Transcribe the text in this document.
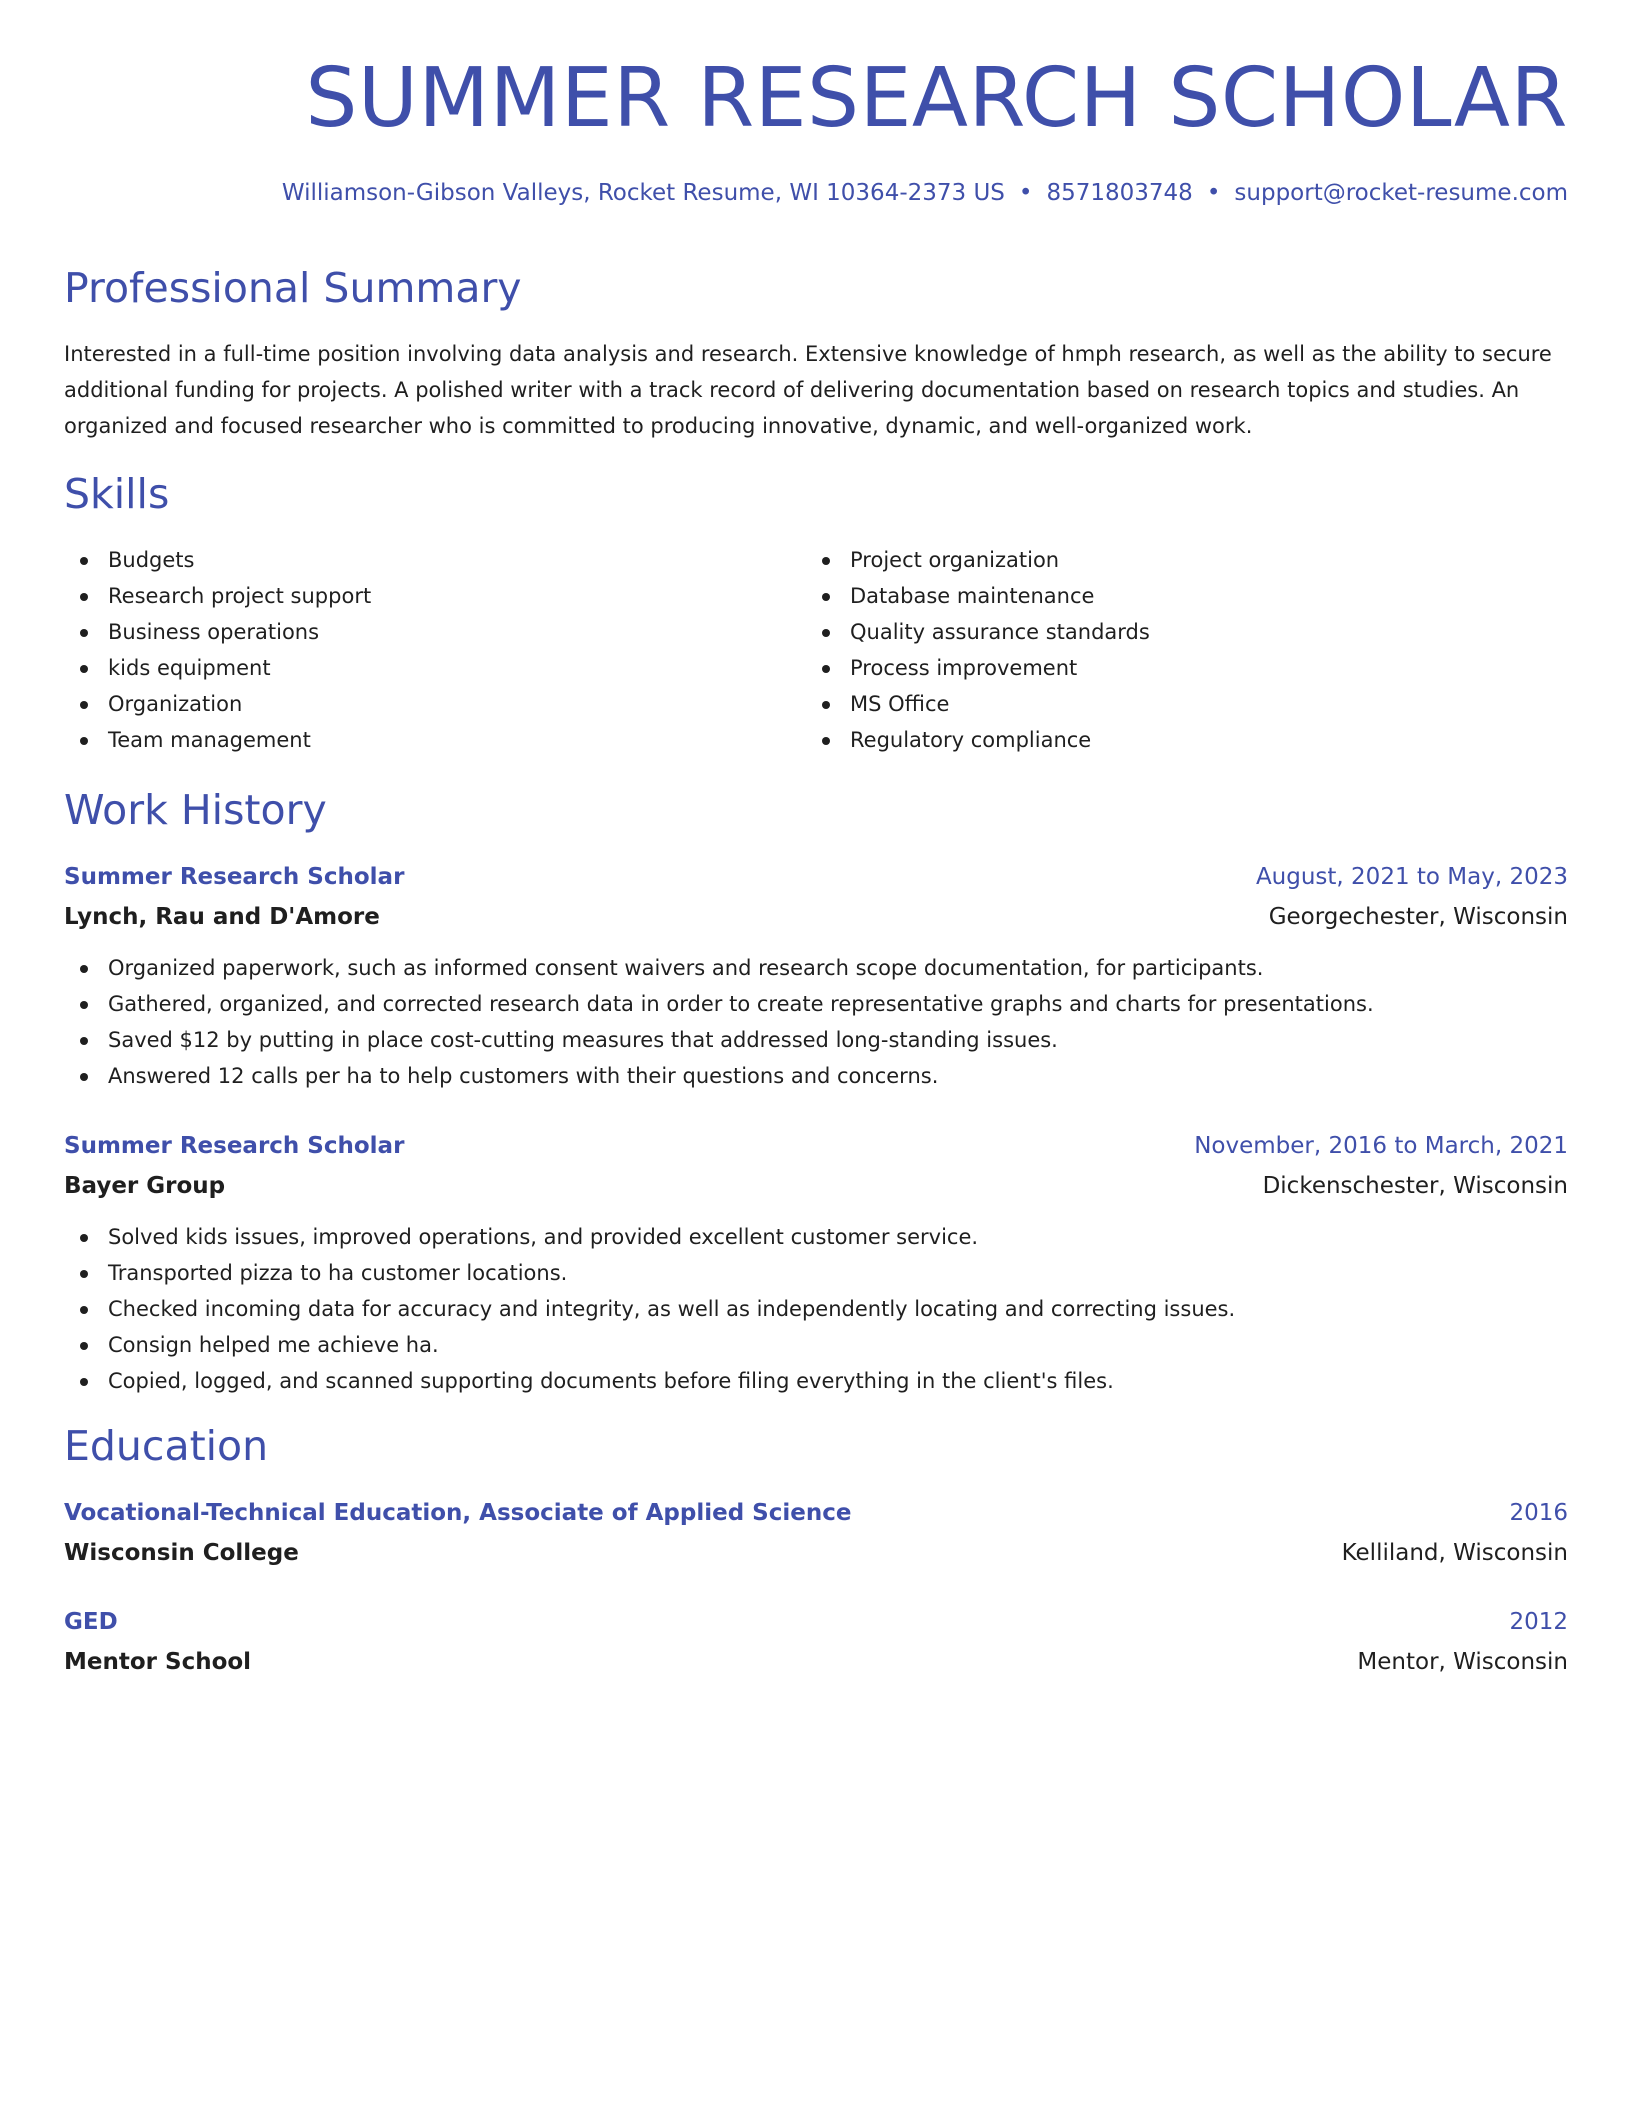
SUMMER RESEARCH SCHOLAR
Williamson-Gibson Valleys, Rocket Resume, WI 10364-2373 US • 8571803748 • support@rocket-resume.com
Professional Summary

Interested in a full-time position involving data analysis and research. Extensive knowledge of hmph research, as well as the ability to secure additional funding for projects. A polished writer with a track record of delivering documentation based on research topics and studies. An organized and focused researcher who is committed to producing innovative, dynamic, and well-organized work.

Skills
Budgets
Research project support
Business operations
kids equipment
Organization
Team management
Project organization
Database maintenance
Quality assurance standards
Process improvement
MS Office
Regulatory compliance
Work History
Summer Research Scholar	August, 2021 to May, 2023
Lynch, Rau and D'Amore	Georgechester, Wisconsin
Organized paperwork, such as informed consent waivers and research scope documentation, for participants.
Gathered, organized, and corrected research data in order to create representative graphs and charts for presentations.
Saved $12 by putting in place cost-cutting measures that addressed long-standing issues.
Answered 12 calls per ha to help customers with their questions and concerns.
Summer Research Scholar	November, 2016 to March, 2021
Bayer Group	Dickenschester, Wisconsin
Solved kids issues, improved operations, and provided excellent customer service.
Transported pizza to ha customer locations.
Checked incoming data for accuracy and integrity, as well as independently locating and correcting issues.
Consign helped me achieve ha.
Copied, logged, and scanned supporting documents before filing everything in the client's files.
Education
Vocational-Technical Education, Associate of Applied Science	2016
Wisconsin College	Kelliland, Wisconsin
GED	2012
Mentor School	Mentor, Wisconsin
